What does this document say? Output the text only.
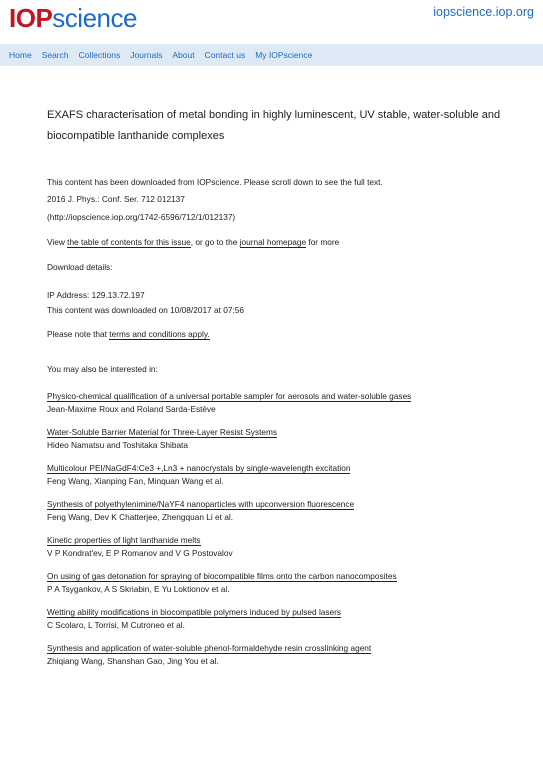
IOPscience	iopscience.iop.org
Home Search Collections Journals About Contact us My IOPscience
EXAFS characterisation of metal bonding in highly luminescent, UV stable, water-soluble and biocompatible lanthanide complexes
This content has been downloaded from IOPscience. Please scroll down to see the full text.
2016 J. Phys.: Conf. Ser. 712 012137
(http://iopscience.iop.org/1742-6596/712/1/012137)
View the table of contents for this issue, or go to the journal homepage for more
Download details:
IP Address: 129.13.72.197
This content was downloaded on 10/08/2017 at 07:56
Please note that terms and conditions apply.
You may also be interested in:
Physico-chemical qualification of a universal portable sampler for aerosols and water-soluble gases
Jean-Maxime Roux and Roland Sarda-Estève
Water-Soluble Barrier Material for Three-Layer Resist Systems
Hideo Namatsu and Toshitaka Shibata
Multicolour PEI/NaGdF4:Ce3 +,Ln3 + nanocrystals by single-wavelength excitation
Feng Wang, Xianping Fan, Minquan Wang et al.
Synthesis of polyethylenimine/NaYF4 nanoparticles with upconversion fluorescence
Feng Wang, Dev K Chatterjee, Zhengquan Li et al.
Kinetic properties of light lanthanide melts
V P Kondrat'ev, E P Romanov and V G Postovalov
On using of gas detonation for spraying of biocompatible films onto the carbon nanocomposites
P A Tsygankov, A S Skriabin, E Yu Loktionov et al.
Wetting ability modifications in biocompatible polymers induced by pulsed lasers
C Scolaro, L Torrisi, M Cutroneo et al.
Synthesis and application of water-soluble phenol-formaldehyde resin crosslinking agent
Zhiqiang Wang, Shanshan Gao, Jing You et al.
